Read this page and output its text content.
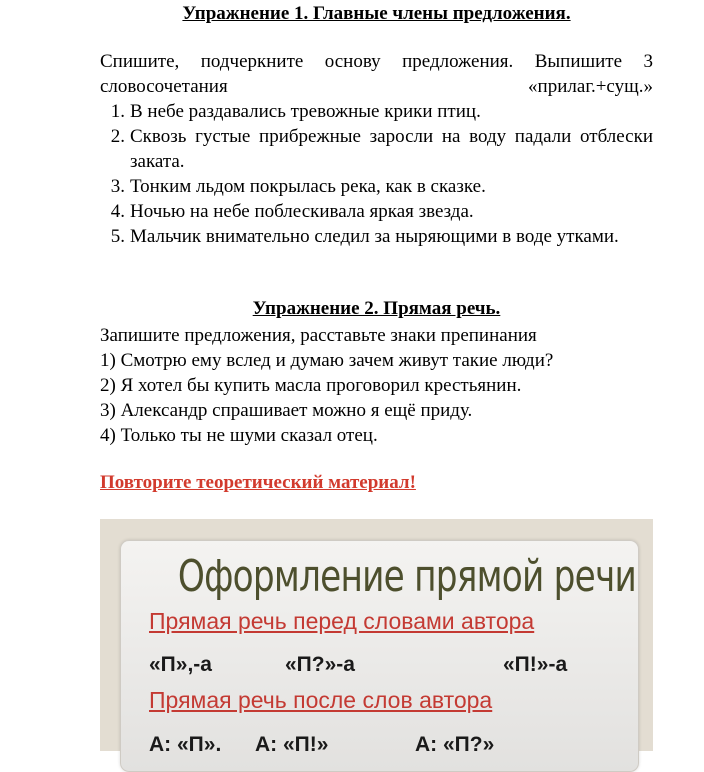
Упражнение 1. Главные члены предложения.
Спишите, подчеркните основу предложения. Выпишите 3 словосочетания «прилаг.+сущ.»
1. В небе раздавались тревожные крики птиц.
2. Сквозь густые прибрежные заросли на воду падали отблески заката.
3. Тонким льдом покрылась река, как в сказке.
4. Ночью на небе поблескивала яркая звезда.
5. Мальчик внимательно следил за ныряющими в воде утками.
Упражнение 2. Прямая речь.
Запишите предложения, расставьте знаки препинания
1) Смотрю ему вслед и думаю зачем живут такие люди?
2) Я хотел бы купить масла проговорил крестьянин.
3) Александр спрашивает можно я ещё приду.
4) Только ты не шуми сказал отец.
Повторите теоретический материал!
Оформление прямой речи
Прямая речь перед словами автора
«П»,-а	«П?»-а	«П!»-а
Прямая речь после слов автора
А: «П». А: «П!»	А: «П?»
